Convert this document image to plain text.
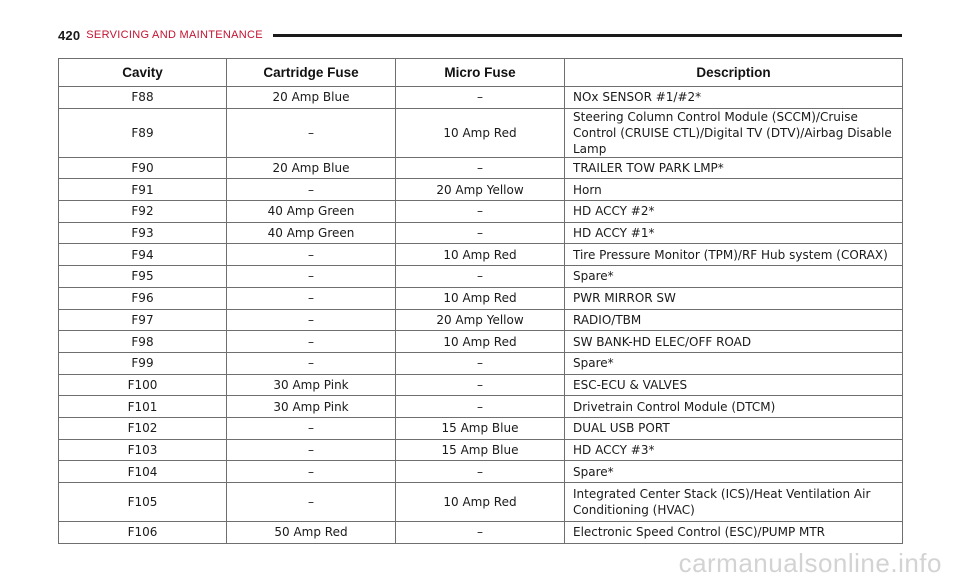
420 SERVICING AND MAINTENANCE
Cavity	Cartridge Fuse	Micro Fuse	Description
F88	20 Amp Blue	–	NOx SENSOR #1/#2*
F89	–	10 Amp Red	Steering Column Control Module (SCCM)/Cruise Control (CRUISE CTL)/Digital TV (DTV)/Airbag Disable Lamp
F90	20 Amp Blue	–	TRAILER TOW PARK LMP*
F91	–	20 Amp Yellow	Horn
F92	40 Amp Green	–	HD ACCY #2*
F93	40 Amp Green	–	HD ACCY #1*
F94	–	10 Amp Red	Tire Pressure Monitor (TPM)/RF Hub system (CORAX)
F95	–	–	Spare*
F96	–	10 Amp Red	PWR MIRROR SW
F97	–	20 Amp Yellow	RADIO/TBM
F98	–	10 Amp Red	SW BANK-HD ELEC/OFF ROAD
F99	–	–	Spare*
F100	30 Amp Pink	–	ESC-ECU & VALVES
F101	30 Amp Pink	–	Drivetrain Control Module (DTCM)
F102	–	15 Amp Blue	DUAL USB PORT
F103	–	15 Amp Blue	HD ACCY #3*
F104	–	–	Spare*
F105	–	10 Amp Red	Integrated Center Stack (ICS)/Heat Ventilation Air Conditioning (HVAC)
F106	50 Amp Red	–	Electronic Speed Control (ESC)/PUMP MTR
carmanualsonline.info
